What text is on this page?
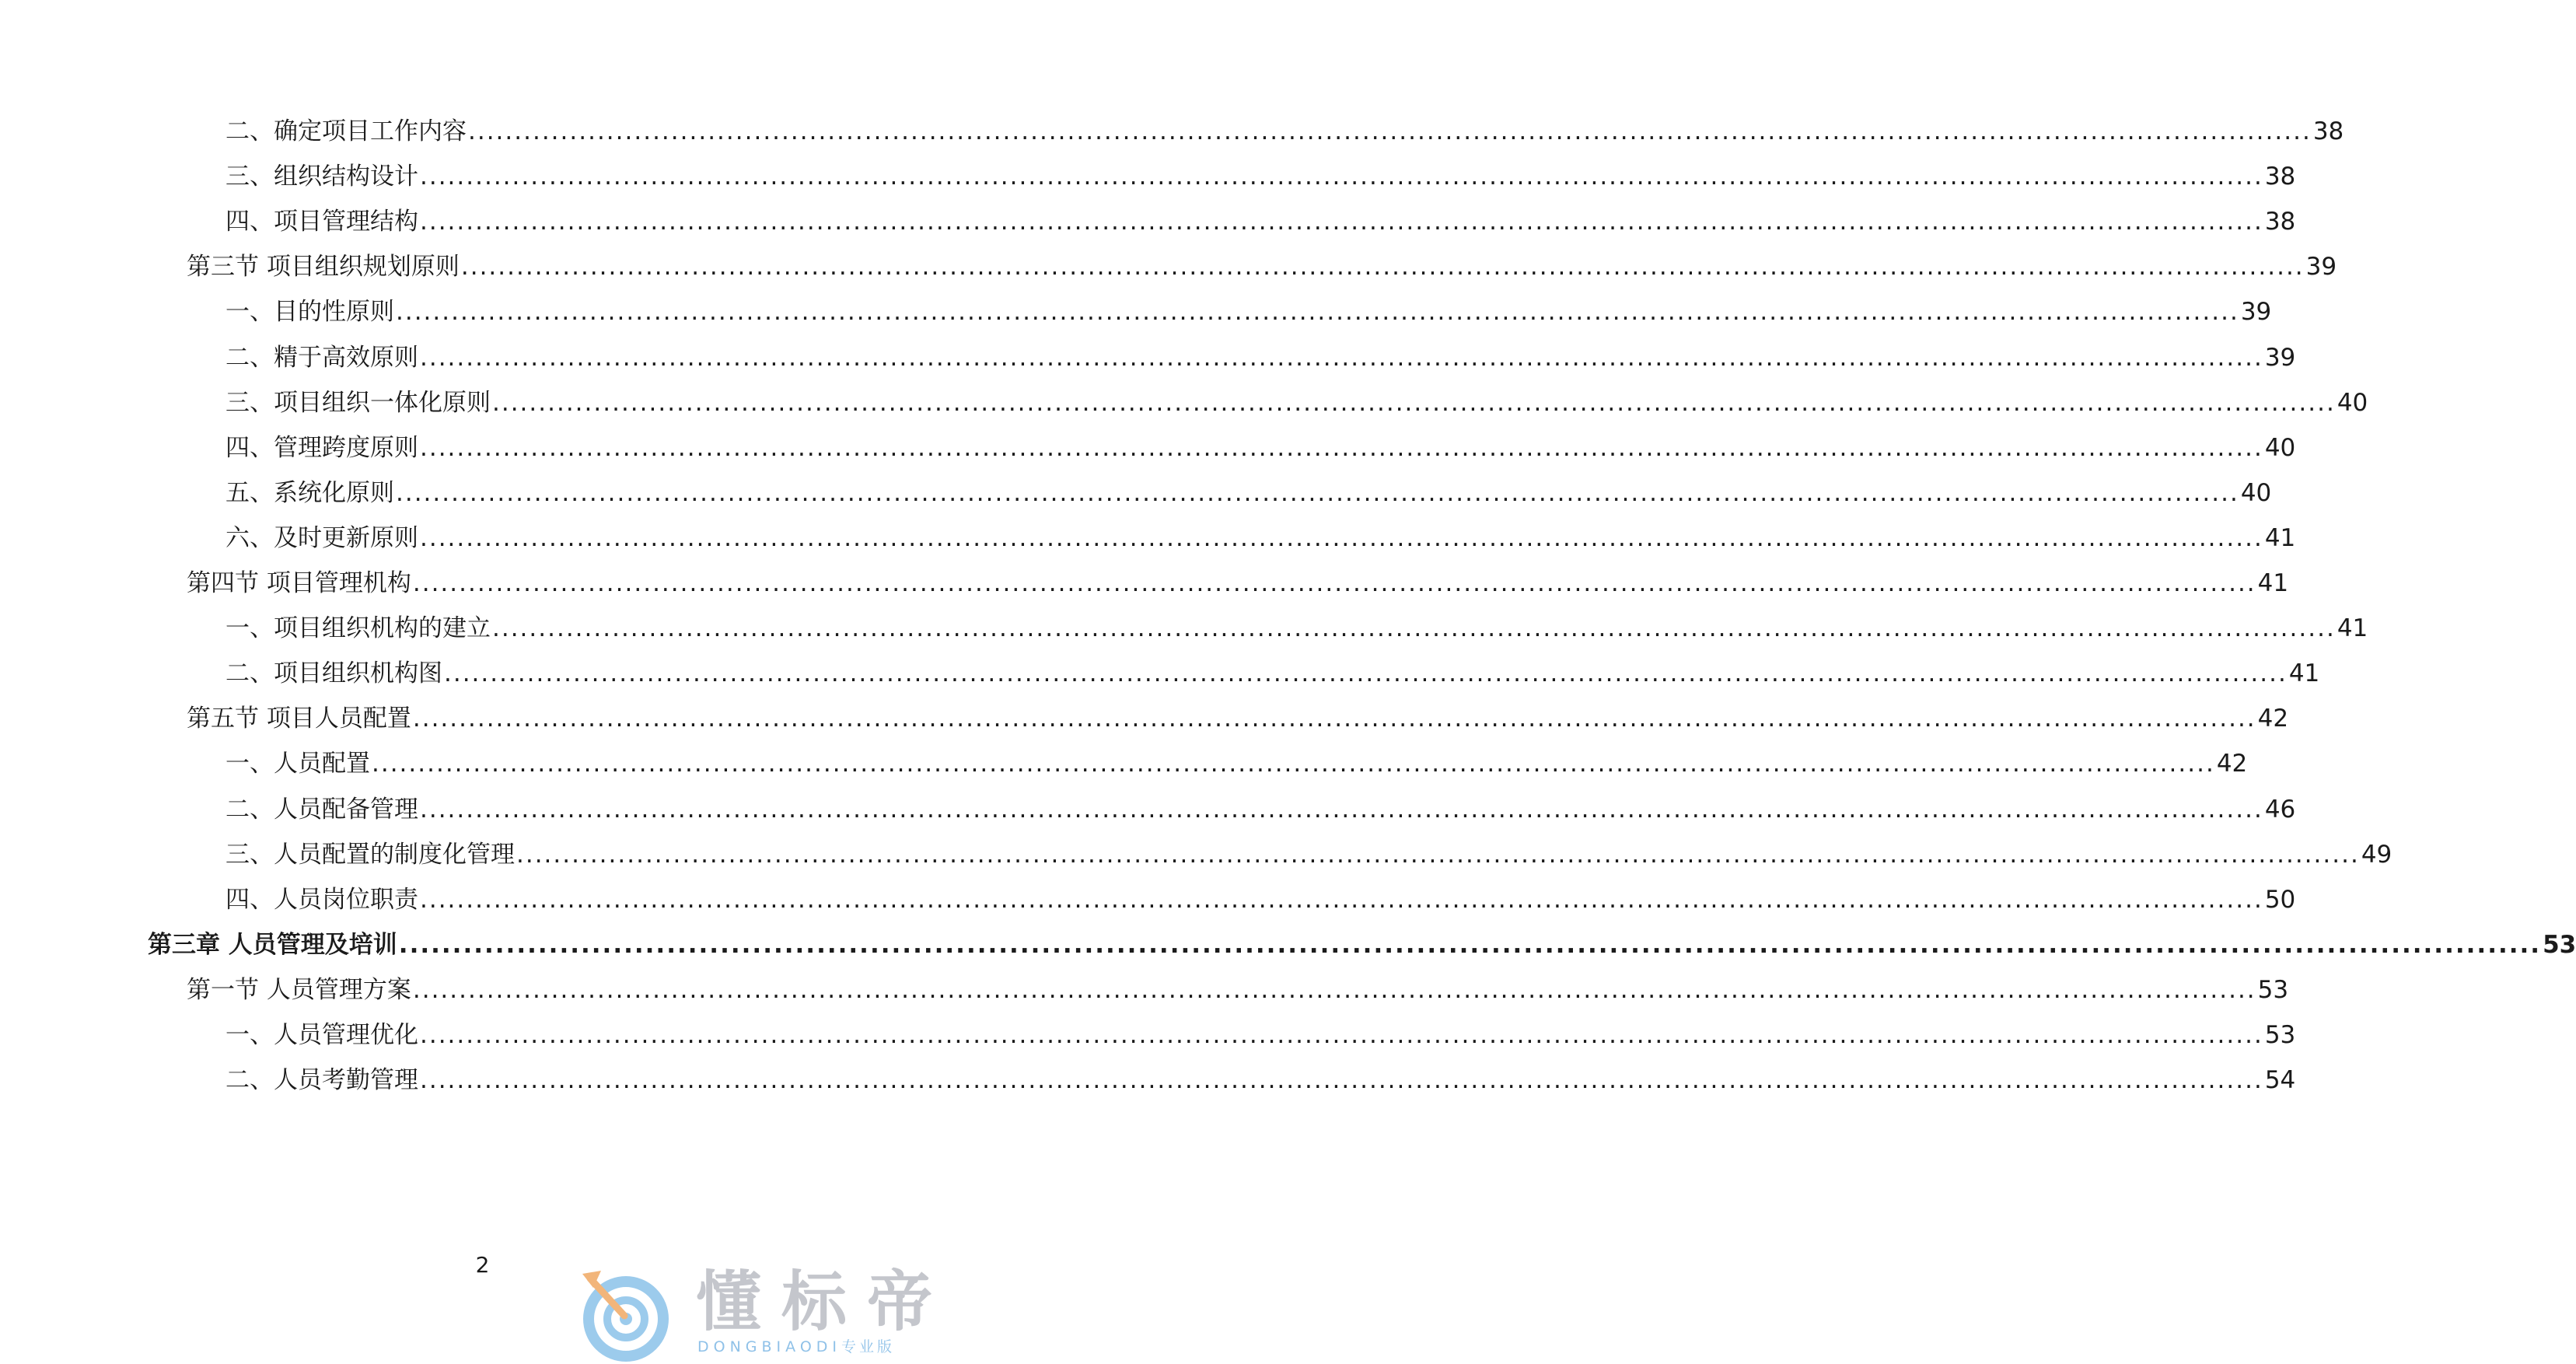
二、确定项目工作内容 ........................................................................................................................................................................................................ 38
三、组织结构设计 ........................................................................................................................................................................................................ 38
四、项目管理结构 ........................................................................................................................................................................................................ 38
第三节 项目组织规划原则 ........................................................................................................................................................................................................ 39
一、目的性原则 ........................................................................................................................................................................................................ 39
二、精于高效原则 ........................................................................................................................................................................................................ 39
三、项目组织一体化原则 ........................................................................................................................................................................................................ 40
四、管理跨度原则 ........................................................................................................................................................................................................ 40
五、系统化原则 ........................................................................................................................................................................................................ 40
六、及时更新原则 ........................................................................................................................................................................................................ 41
第四节 项目管理机构 ........................................................................................................................................................................................................ 41
一、项目组织机构的建立 ........................................................................................................................................................................................................ 41
二、项目组织机构图 ........................................................................................................................................................................................................ 41
第五节 项目人员配置 ........................................................................................................................................................................................................ 42
一、人员配置 ........................................................................................................................................................................................................ 42
二、人员配备管理 ........................................................................................................................................................................................................ 46
三、人员配置的制度化管理 ........................................................................................................................................................................................................ 49
四、人员岗位职责 ........................................................................................................................................................................................................ 50
第三章 人员管理及培训 ........................................................................................................................................................................................................ 53
第一节 人员管理方案 ........................................................................................................................................................................................................ 53
一、人员管理优化 ........................................................................................................................................................................................................ 53
二、人员考勤管理 ........................................................................................................................................................................................................ 54
2	懂标帝
DONGBIAODI专业版
